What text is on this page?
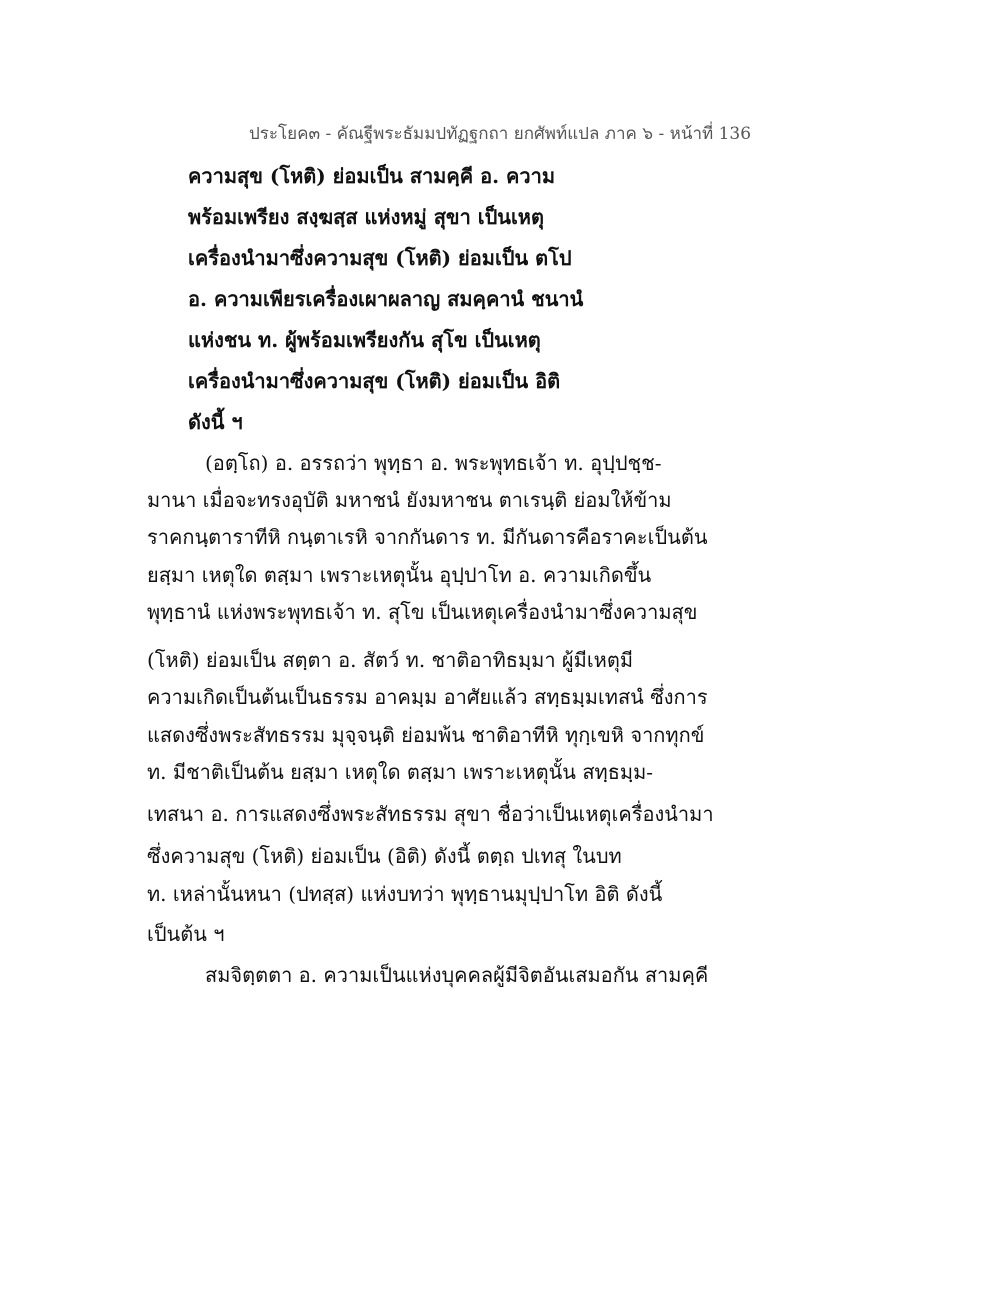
ประโยค๓ - คัณฐีพระธัมมปทัฏฐกถา ยกศัพท์แปล ภาค ๖ - หน้าที่ 136
ความสุข (โหติ) ย่อมเป็น สามคฺคี อ. ความ
พร้อมเพรียง สงฺฆสฺส แห่งหมู่ สุขา เป็นเหตุ
เครื่องนำมาซึ่งความสุข (โหติ) ย่อมเป็น ตโป
อ. ความเพียรเครื่องเผาผลาญ สมคฺคานํ ชนานํ
แห่งชน ท. ผู้พร้อมเพรียงกัน สุโข เป็นเหตุ
เครื่องนำมาซึ่งความสุข (โหติ) ย่อมเป็น อิติ
ดังนี้ ฯ
(อตฺโถ) อ. อรรถว่า พุทฺธา อ. พระพุทธเจ้า ท. อุปฺปชฺช-
มานา เมื่อจะทรงอุบัติ มหาชนํ ยังมหาชน ตาเรนฺติ ย่อมให้ข้าม
ราคกนฺตาราทีหิ กนฺตาเรหิ จากกันดาร ท. มีกันดารคือราคะเป็นต้น
ยสฺมา เหตุใด ตสฺมา เพราะเหตุนั้น อุปฺปาโท อ. ความเกิดขึ้น
พุทฺธานํ แห่งพระพุทธเจ้า ท. สุโข เป็นเหตุเครื่องนำมาซึ่งความสุข
(โหติ) ย่อมเป็น สตฺตา อ. สัตว์ ท. ชาติอาทิธมฺมา ผู้มีเหตุมี
ความเกิดเป็นต้นเป็นธรรม อาคมฺม อาศัยแล้ว สทฺธมฺมเทสนํ ซึ่งการ
แสดงซึ่งพระสัทธรรม มุจฺจนฺติ ย่อมพ้น ชาติอาทีหิ ทุกฺเขหิ จากทุกข์
ท. มีชาติเป็นต้น ยสฺมา เหตุใด ตสฺมา เพราะเหตุนั้น สทฺธมฺม-
เทสนา อ. การแสดงซึ่งพระสัทธรรม สุขา ชื่อว่าเป็นเหตุเครื่องนำมา
ซึ่งความสุข (โหติ) ย่อมเป็น (อิติ) ดังนี้ ตตฺถ ปเทสุ ในบท
ท. เหล่านั้นหนา (ปทสฺส) แห่งบทว่า พุทฺธานมุปฺปาโท อิติ ดังนี้
เป็นต้น ฯ
สมจิตฺตตา อ. ความเป็นแห่งบุคคลผู้มีจิตอันเสมอกัน สามคฺคี
